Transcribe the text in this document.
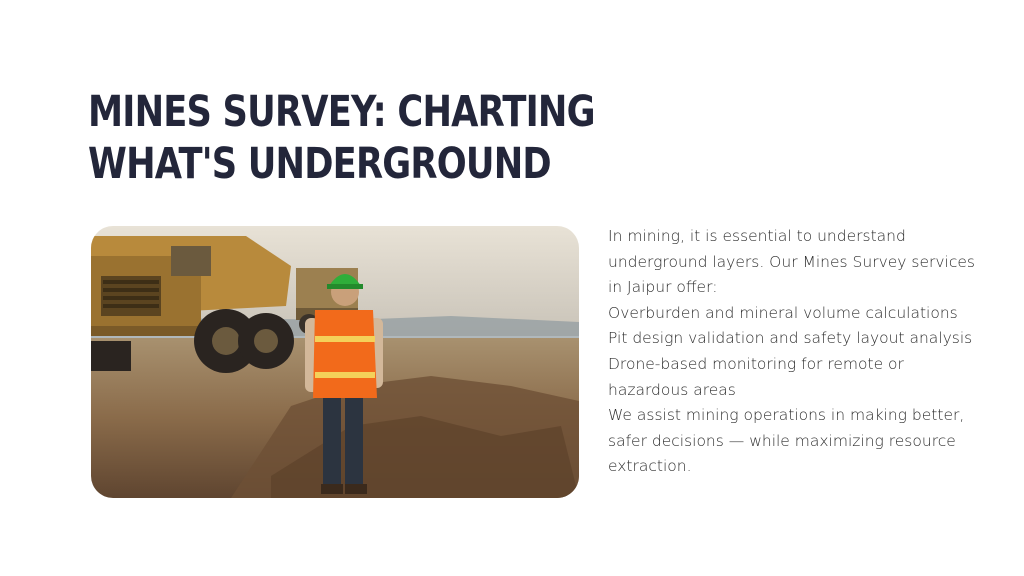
MINES SURVEY: CHARTING
WHAT'S UNDERGROUND

In mining, it is essential to understand underground layers. Our Mines Survey services in Jaipur offer:

Overburden and mineral volume calculations

Pit design validation and safety layout analysis

Drone-based monitoring for remote or hazardous areas

We assist mining operations in making better, safer decisions — while maximizing resource extraction.
